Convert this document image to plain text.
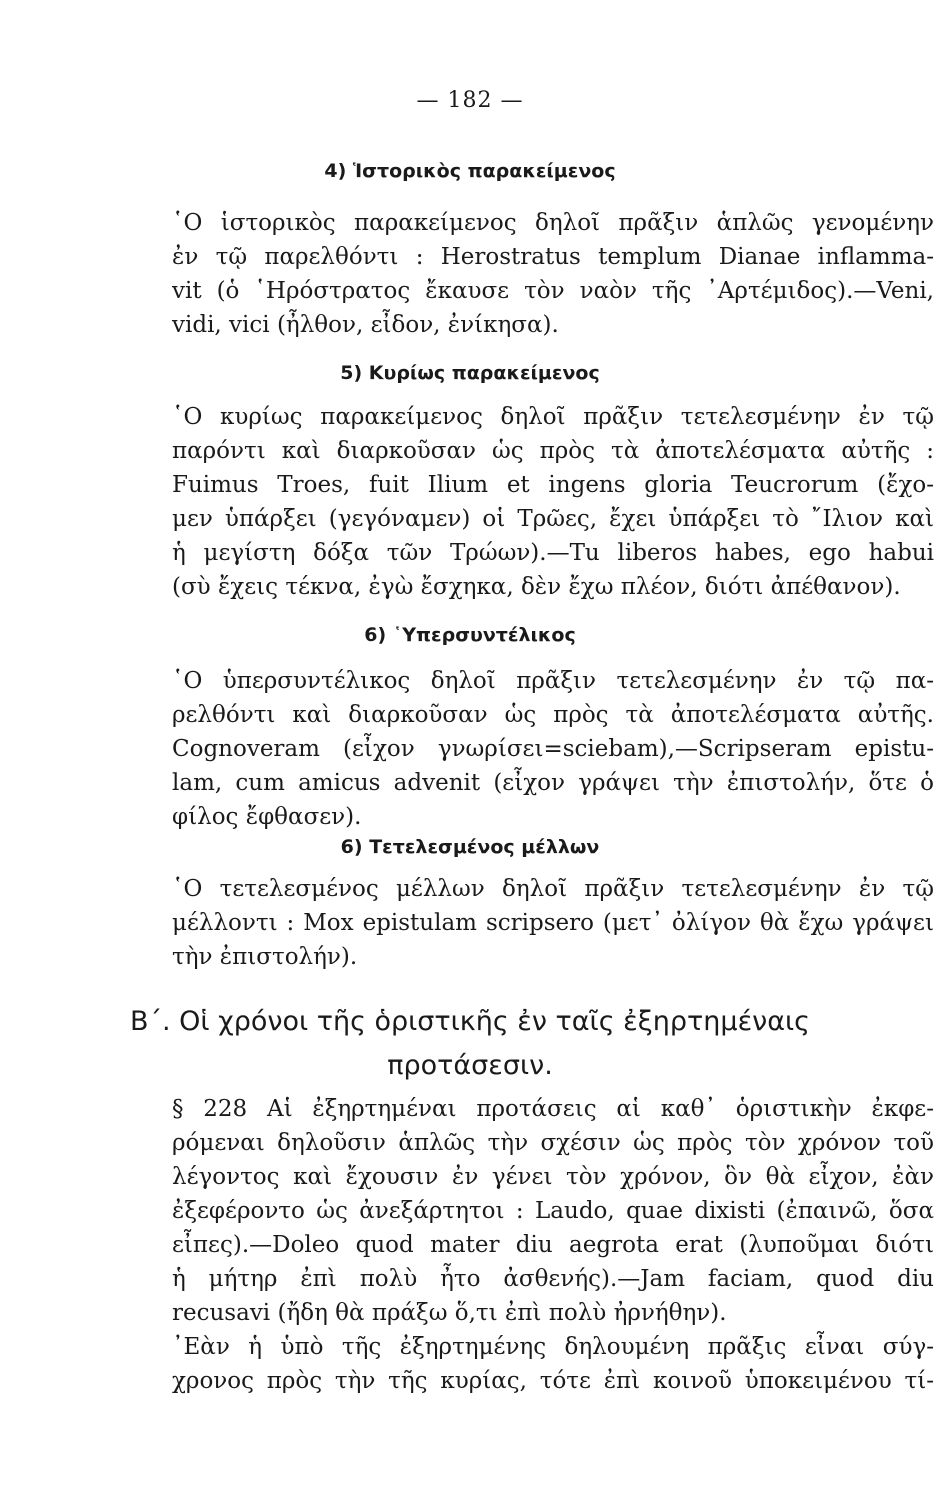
— 182 —
4) Ἱστορικὸς παρακείμενος
῾Ο ἱστορικὸς παρακείμενος δηλοῖ πρᾶξιν ἁπλῶς γενομένην
ἐν τῷ παρελθόντι : Herostratus templum Dianae inflamma-
vit (ὁ ῾Ηρόστρατος ἔκαυσε τὸν ναὸν τῆς ᾿Αρτέμιδος).—Veni,
vidi, vici (ἦλθον, εἶδον, ἐνίκησα).
5) Κυρίως παρακείμενος
῾Ο κυρίως παρακείμενος δηλοῖ πρᾶξιν τετελεσμένην ἐν τῷ
παρόντι καὶ διαρκοῦσαν ὡς πρὸς τὰ ἀποτελέσματα αὐτῆς :
Fuimus Troes, fuit Ilium et ingens gloria Teucrorum (ἔχο-
μεν ὑπάρξει (γεγόναμεν) οἱ Τρῶες, ἔχει ὑπάρξει τὸ ῎Ιλιον καὶ
ἡ μεγίστη δόξα τῶν Τρώων).—Tu liberos habes, ego habui
(σὺ ἔχεις τέκνα, ἐγὼ ἔσχηκα, δὲν ἔχω πλέον, διότι ἀπέθανον).
6) ῾Υπερσυντέλικος
῾Ο ὑπερσυντέλικος δηλοῖ πρᾶξιν τετελεσμένην ἐν τῷ πα-
ρελθόντι καὶ διαρκοῦσαν ὡς πρὸς τὰ ἀποτελέσματα αὐτῆς.
Cognoveram (εἶχον γνωρίσει=sciebam),—Scripseram epistu-
lam, cum amicus advenit (εἶχον γράψει τὴν ἐπιστολήν, ὅτε ὁ
φίλος ἔφθασεν).
6) Τετελεσμένος μέλλων
῾Ο τετελεσμένος μέλλων δηλοῖ πρᾶξιν τετελεσμένην ἐν τῷ
μέλλοντι : Mox epistulam scripsero (μετ᾿ ὀλίγον θὰ ἔχω γράψει
τὴν ἐπιστολήν).
Β΄. Οἱ χρόνοι τῆς ὁριστικῆς ἐν ταῖς ἐξηρτημέναις
προτάσεσιν.
§ 228 Αἱ ἐξηρτημέναι προτάσεις αἱ καθ᾿ ὁριστικὴν ἐκφε-
ρόμεναι δηλοῦσιν ἁπλῶς τὴν σχέσιν ὡς πρὸς τὸν χρόνον τοῦ
λέγοντος καὶ ἔχουσιν ἐν γένει τὸν χρόνον, ὃν θὰ εἶχον, ἐὰν
ἐξεφέροντο ὡς ἀνεξάρτητοι : Laudo, quae dixisti (ἐπαινῶ, ὅσα
εἶπες).—Doleo quod mater diu aegrota erat (λυποῦμαι διότι
ἡ μήτηρ ἐπὶ πολὺ ἦτο ἀσθενής).—Jam faciam, quod diu
recusavi (ἤδη θὰ πράξω ὅ,τι ἐπὶ πολὺ ἠρνήθην).
᾿Εὰν ἡ ὑπὸ τῆς ἐξηρτημένης δηλουμένη πρᾶξις εἶναι σύγ-
χρονος πρὸς τὴν τῆς κυρίας, τότε ἐπὶ κοινοῦ ὑποκειμένου τί-
